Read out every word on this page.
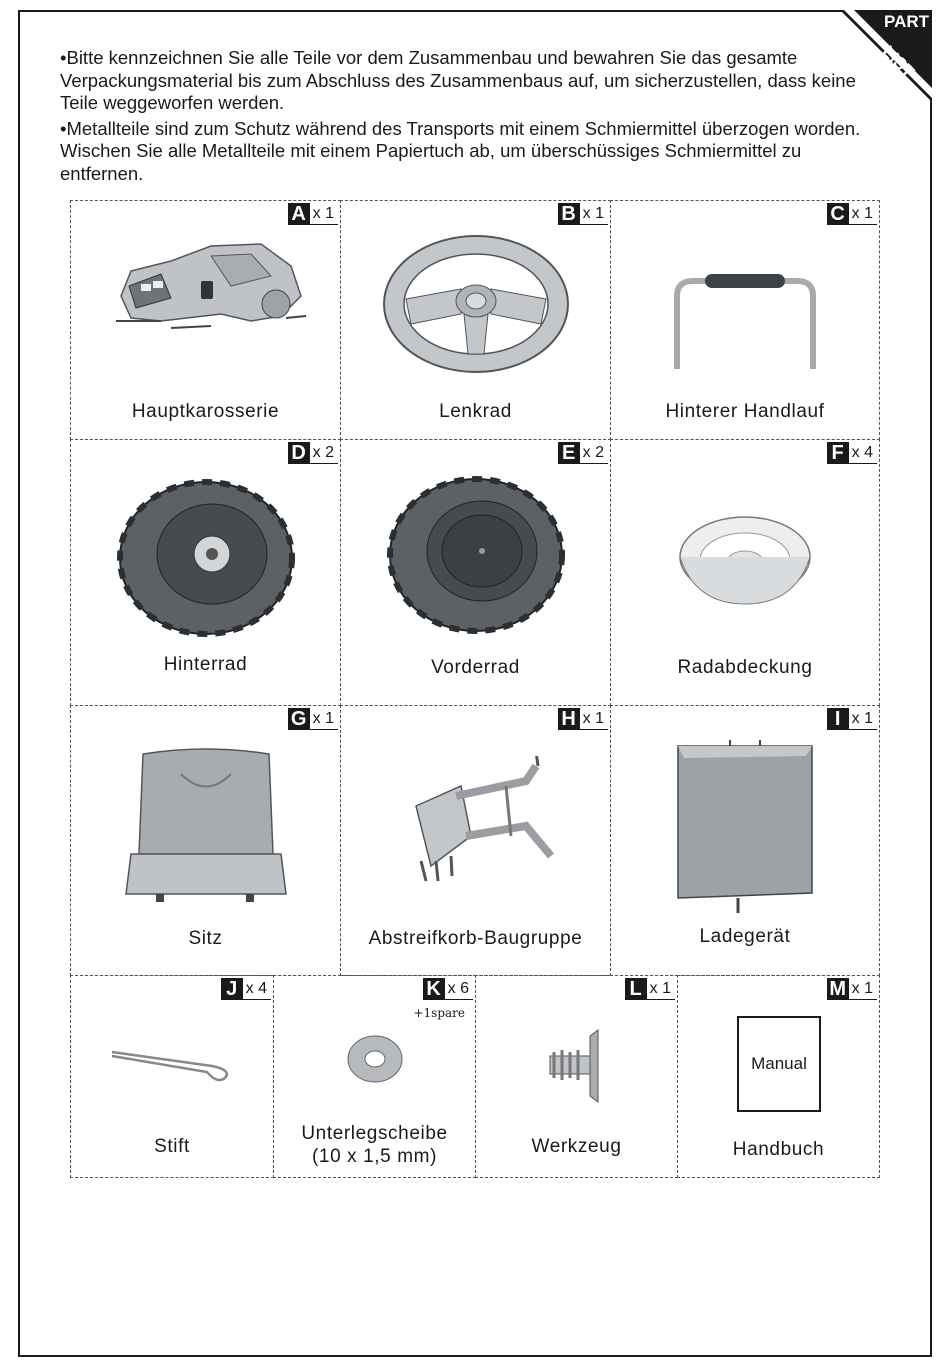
PART
LIST

•Bitte kennzeichnen Sie alle Teile vor dem Zusammenbau und bewahren Sie das gesamte Verpackungsmaterial bis zum Abschluss des Zusammenbaus auf, um sicherzustellen, dass keine Teile weggeworfen werden.

•Metallteile sind zum Schutz während des Transports mit einem Schmiermittel überzogen worden. Wischen Sie alle Metallteile mit einem Papiertuch ab, um überschüssiges Schmiermittel zu entfernen.

A x 1
Hauptkarosserie
B x 1
Lenkrad
C x 1
Hinterer Handlauf
D x 2
Hinterrad
E x 2
Vorderrad
F x 4
Radabdeckung
G x 1
Sitz
H x 1
Abstreifkorb-Baugruppe
I x 1
Ladegerät
J x 4
Stift
K x 6
+1spare
Unterlegscheibe
(10 x 1,5 mm)
L x 1
Werkzeug
M x 1
Manual
Handbuch
